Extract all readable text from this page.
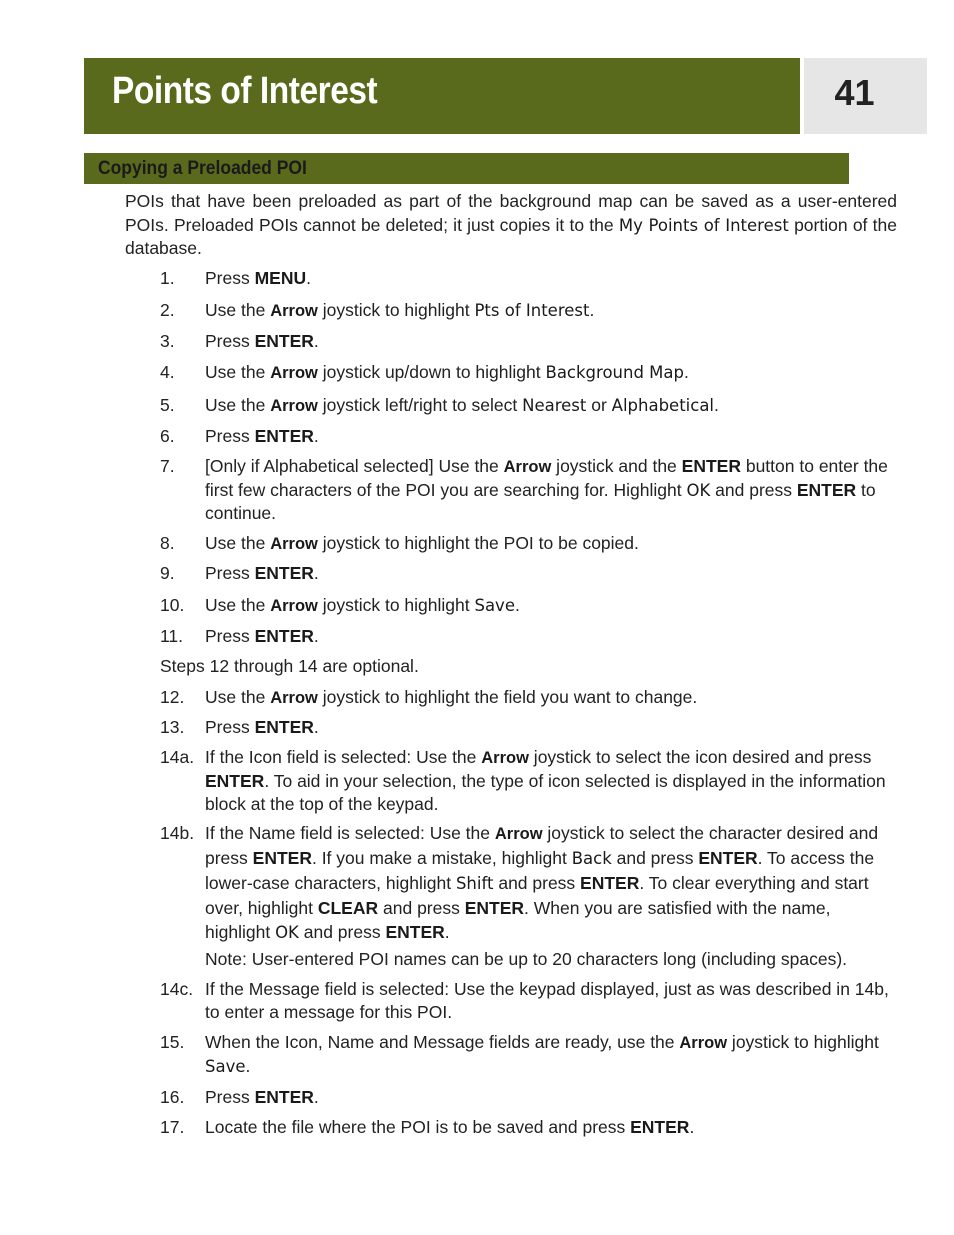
Points of Interest	41
Copying a Preloaded POI
POIs that have been preloaded as part of the background map can be saved as a user-entered POIs. Preloaded POIs cannot be deleted; it just copies it to the My Points of Interest portion of the database.
1. Press MENU.
2. Use the Arrow joystick to highlight Pts of Interest.
3. Press ENTER.
4. Use the Arrow joystick up/down to highlight Background Map.
5. Use the Arrow joystick left/right to select Nearest or Alphabetical.
6. Press ENTER.
7. [Only if Alphabetical selected] Use the Arrow joystick and the ENTER button to enter the first few characters of the POI you are searching for. Highlight OK and press ENTER to continue.
8. Use the Arrow joystick to highlight the POI to be copied.
9. Press ENTER.
10. Use the Arrow joystick to highlight Save.
11. Press ENTER.
Steps 12 through 14 are optional.
12. Use the Arrow joystick to highlight the field you want to change.
13. Press ENTER.
14a. If the Icon field is selected: Use the Arrow joystick to select the icon desired and press ENTER. To aid in your selection, the type of icon selected is displayed in the information block at the top of the keypad.
14b. If the Name field is selected: Use the Arrow joystick to select the character desired and press ENTER. If you make a mistake, highlight Back and press ENTER. To access the lower-case characters, highlight Shift and press ENTER. To clear everything and start over, highlight CLEAR and press ENTER. When you are satisfied with the name, highlight OK and press ENTER.
Note: User-entered POI names can be up to 20 characters long (including spaces).
14c. If the Message field is selected: Use the keypad displayed, just as was described in 14b, to enter a message for this POI.
15. When the Icon, Name and Message fields are ready, use the Arrow joystick to highlight Save.
16. Press ENTER.
17. Locate the file where the POI is to be saved and press ENTER.
